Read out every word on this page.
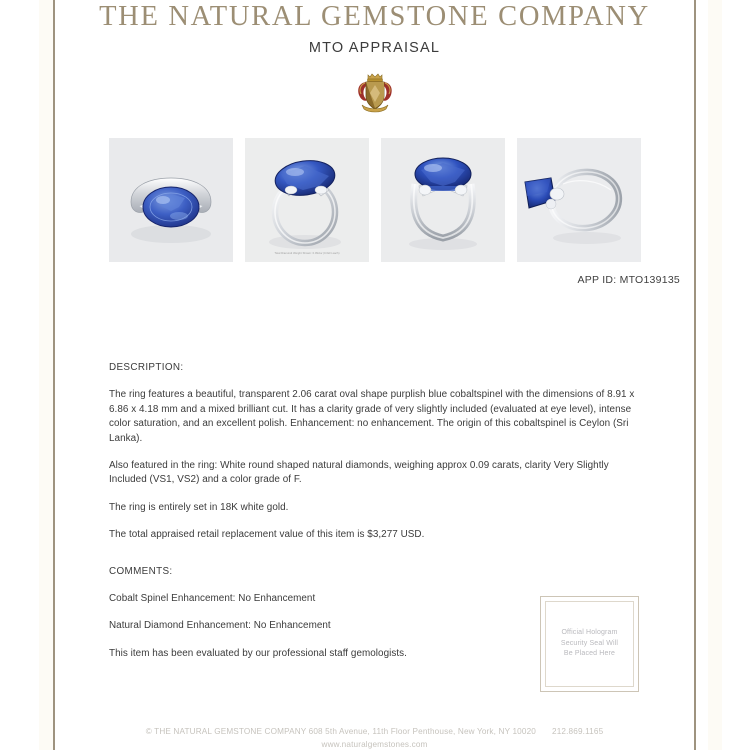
THE NATURAL GEMSTONE COMPANY
MTO APPRAISAL
Total Diamond Weight Shown: 0.09ctw (0.02ct each)
APP ID: MTO139135
DESCRIPTION:

The ring features a beautiful, transparent 2.06 carat oval shape purplish blue cobaltspinel with the dimensions of 8.91 x 6.86 x 4.18 mm and a mixed brilliant cut. It has a clarity grade of very slightly included (evaluated at eye level), intense color saturation, and an excellent polish. Enhancement: no enhancement. The origin of this cobaltspinel is Ceylon (Sri Lanka).

Also featured in the ring: White round shaped natural diamonds, weighing approx 0.09 carats, clarity Very Slightly Included (VS1, VS2) and a color grade of F.

The ring is entirely set in 18K white gold.

The total appraised retail replacement value of this item is $3,277 USD.

COMMENTS:

Cobalt Spinel Enhancement: No Enhancement

Natural Diamond Enhancement: No Enhancement

This item has been evaluated by our professional staff gemologists.

Official Hologram
Security Seal Will
Be Placed Here
© THE NATURAL GEMSTONE COMPANY 608 5th Avenue, 11th Floor Penthouse, New York, NY 10020 212.869.1165
www.naturalgemstones.com
